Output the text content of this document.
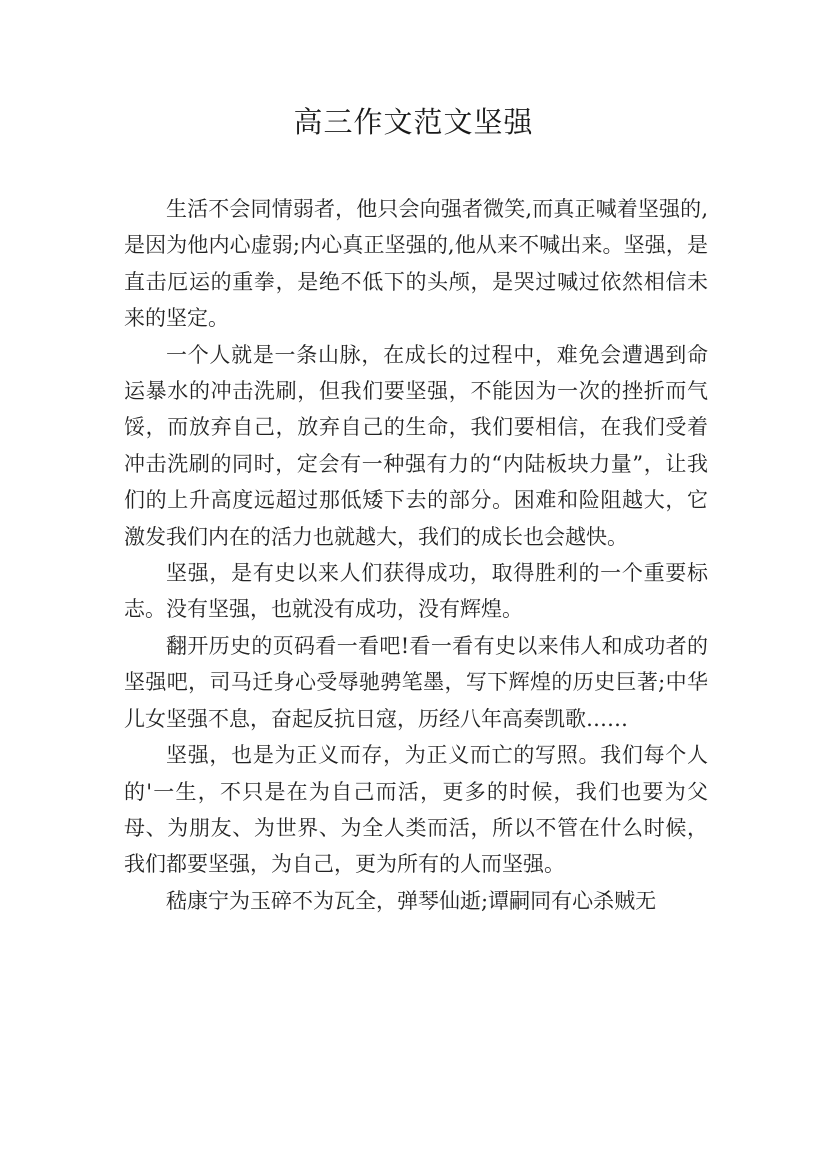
高三作文范文坚强

生活不会同情弱者，他只会向强者微笑,而真正喊着坚强的,是因为他内心虚弱;内心真正坚强的,他从来不喊出来。坚强，是直击厄运的重拳，是绝不低下的头颅，是哭过喊过依然相信未来的坚定。

一个人就是一条山脉，在成长的过程中，难免会遭遇到命运暴水的冲击洗刷，但我们要坚强，不能因为一次的挫折而气馁，而放弃自己，放弃自己的生命，我们要相信，在我们受着冲击洗刷的同时，定会有一种强有力的“内陆板块力量”，让我们的上升高度远超过那低矮下去的部分。困难和险阻越大，它激发我们内在的活力也就越大，我们的成长也会越快。

坚强，是有史以来人们获得成功，取得胜利的一个重要标志。没有坚强，也就没有成功，没有辉煌。

翻开历史的页码看一看吧!看一看有史以来伟人和成功者的坚强吧，司马迁身心受辱驰骋笔墨，写下辉煌的历史巨著;中华儿女坚强不息，奋起反抗日寇，历经八年高奏凯歌……

坚强，也是为正义而存，为正义而亡的写照。我们每个人的'一生，不只是在为自己而活，更多的时候，我们也要为父母、为朋友、为世界、为全人类而活，所以不管在什么时候，我们都要坚强，为自己，更为所有的人而坚强。

嵇康宁为玉碎不为瓦全，弹琴仙逝;谭嗣同有心杀贼无
